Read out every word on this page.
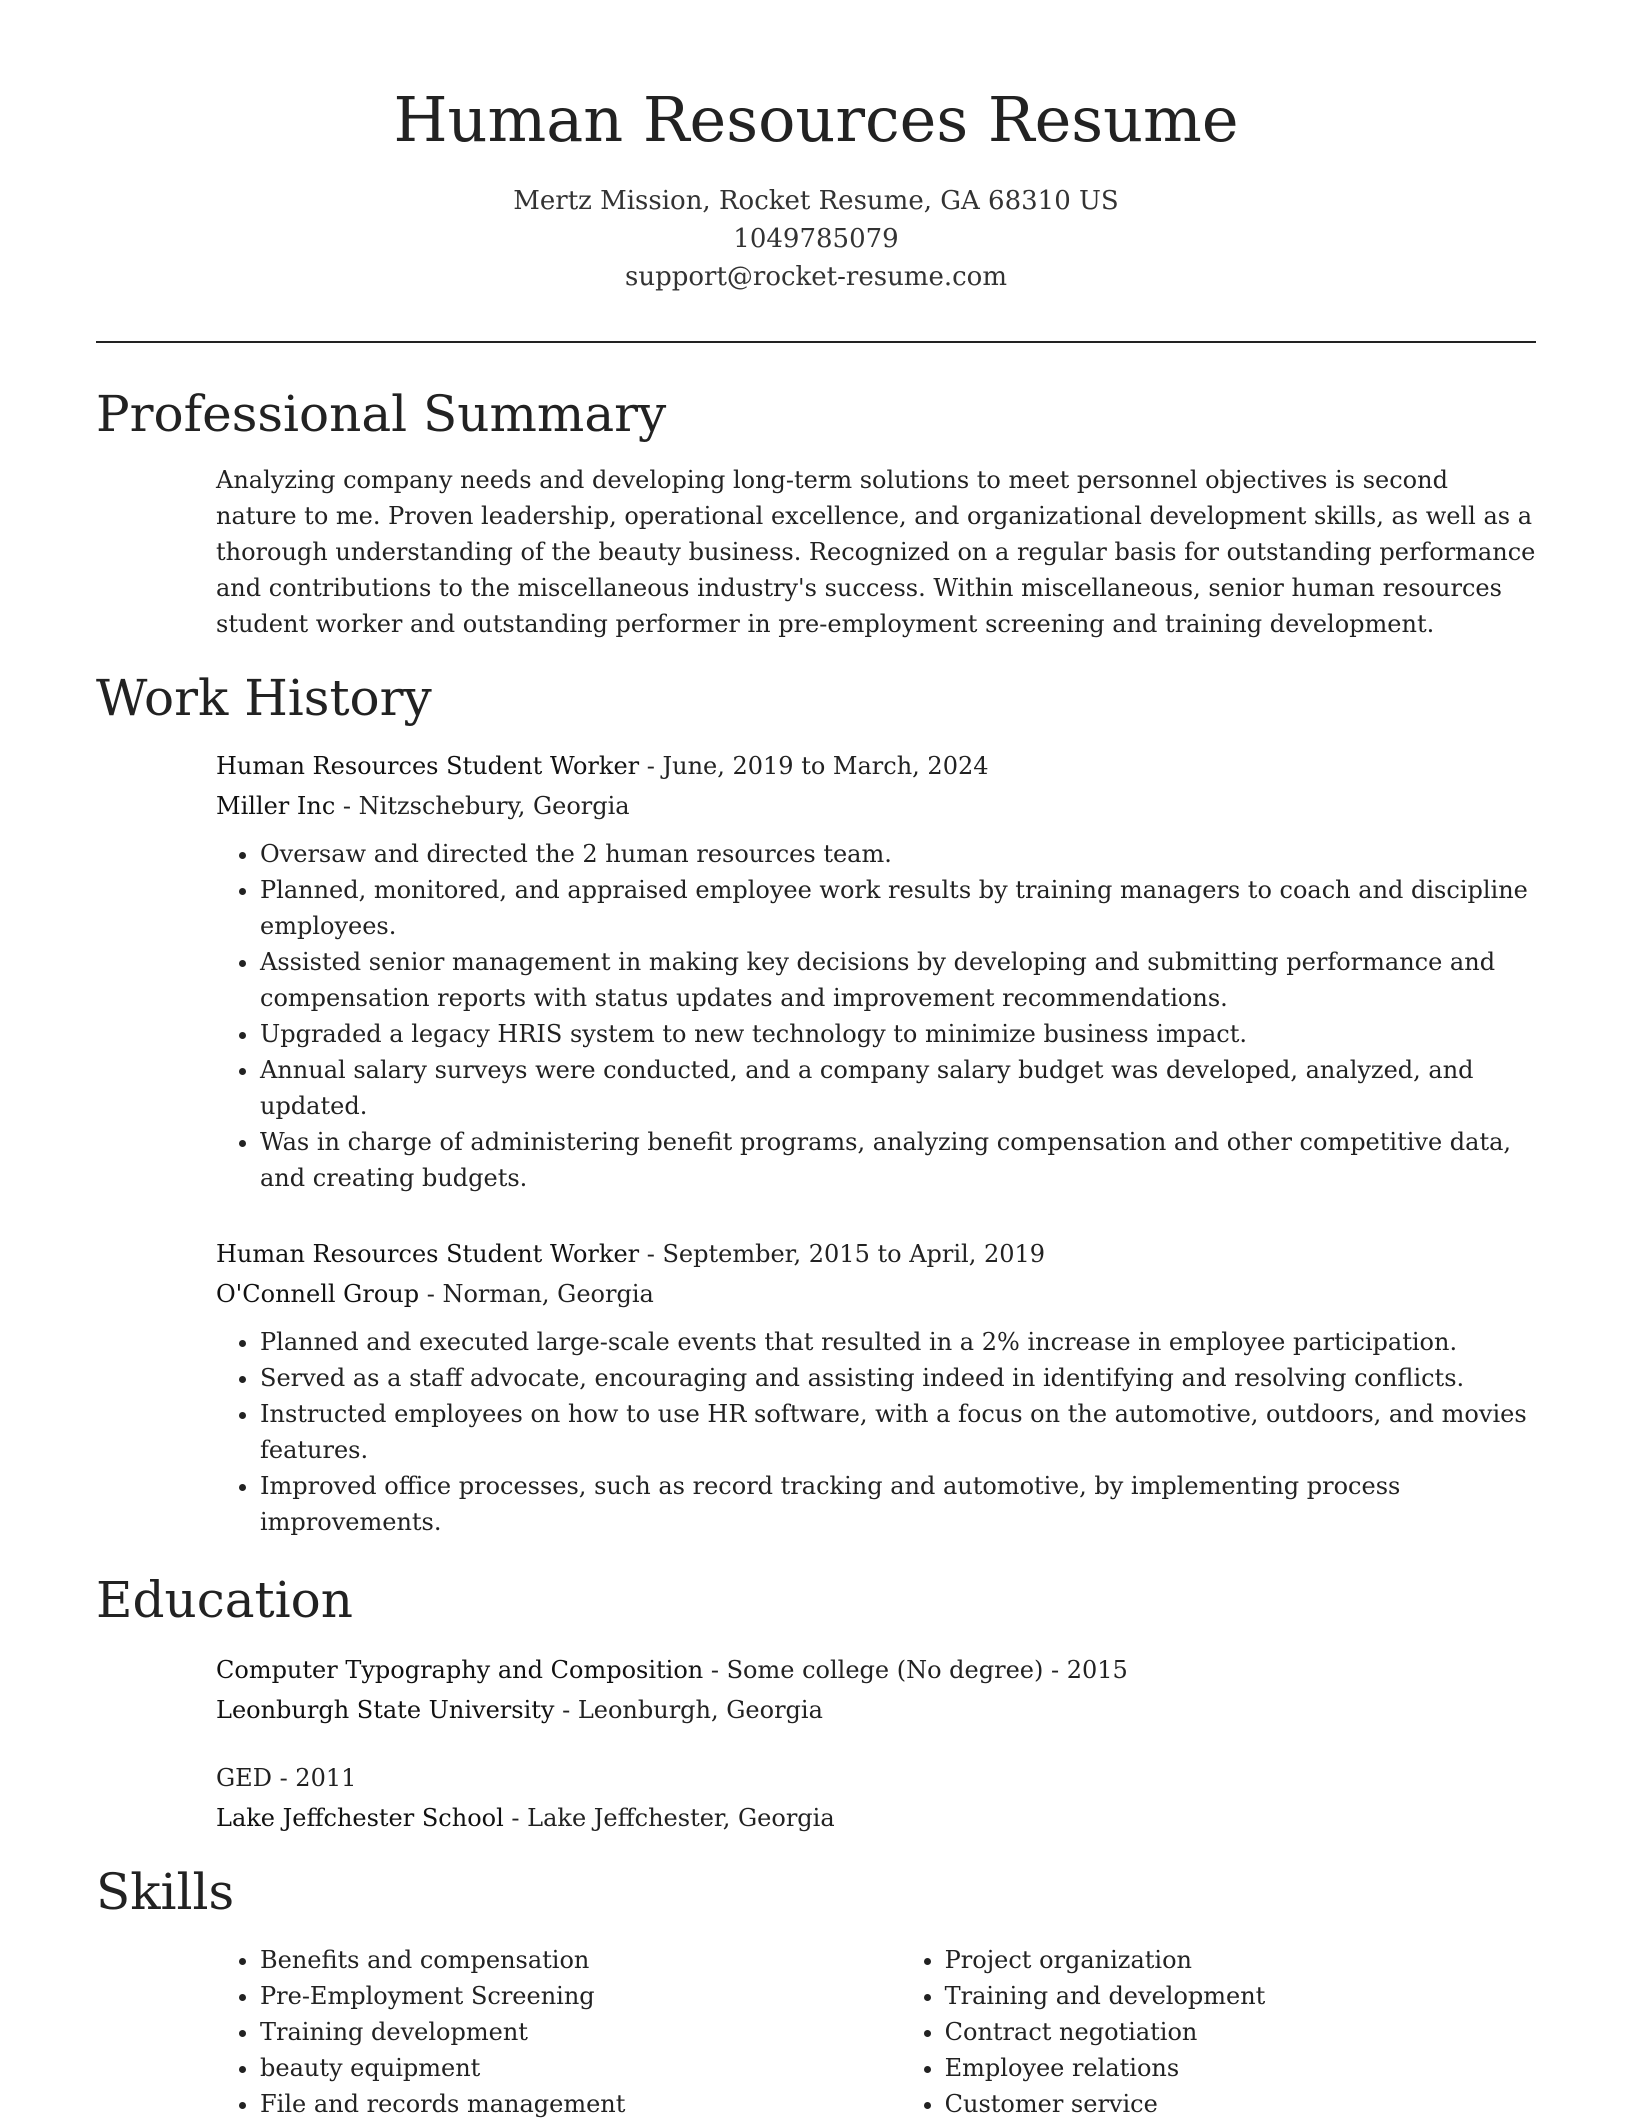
Human Resources Resume
Mertz Mission, Rocket Resume, GA 68310 US
1049785079
support@rocket-resume.com
Professional Summary
Analyzing company needs and developing long-term solutions to meet personnel objectives is second nature to me. Proven leadership, operational excellence, and organizational development skills, as well as a thorough understanding of the beauty business. Recognized on a regular basis for outstanding performance and contributions to the miscellaneous industry's success. Within miscellaneous, senior human resources student worker and outstanding performer in pre-employment screening and training development.
Work History
Human Resources Student Worker - June, 2019 to March, 2024
Miller Inc - Nitzschebury, Georgia
• Oversaw and directed the 2 human resources team.
• Planned, monitored, and appraised employee work results by training managers to coach and discipline employees.
• Assisted senior management in making key decisions by developing and submitting performance and compensation reports with status updates and improvement recommendations.
• Upgraded a legacy HRIS system to new technology to minimize business impact.
• Annual salary surveys were conducted, and a company salary budget was developed, analyzed, and updated.
• Was in charge of administering benefit programs, analyzing compensation and other competitive data, and creating budgets.
Human Resources Student Worker - September, 2015 to April, 2019
O'Connell Group - Norman, Georgia
• Planned and executed large-scale events that resulted in a 2% increase in employee participation.
• Served as a staff advocate, encouraging and assisting indeed in identifying and resolving conflicts.
• Instructed employees on how to use HR software, with a focus on the automotive, outdoors, and movies features.
• Improved office processes, such as record tracking and automotive, by implementing process improvements.
Education
Computer Typography and Composition - Some college (No degree) - 2015
Leonburgh State University - Leonburgh, Georgia
GED - 2011
Lake Jeffchester School - Lake Jeffchester, Georgia
Skills
• Benefits and compensation
• Pre-Employment Screening
• Training development
• beauty equipment
• File and records management
• Project organization
• Training and development
• Contract negotiation
• Employee relations
• Customer service
